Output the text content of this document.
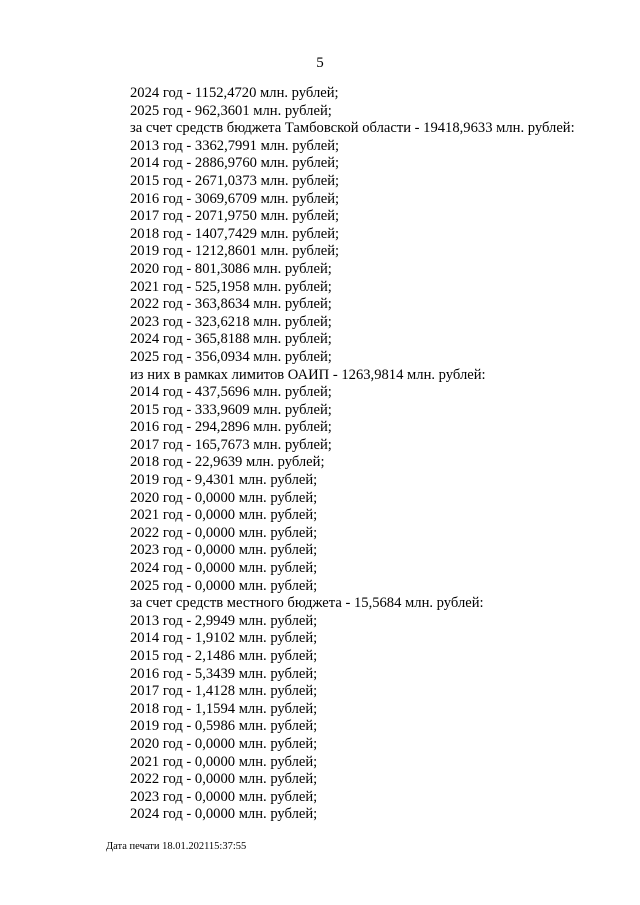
5
2024 год - 1152,4720 млн. рублей;
2025 год - 962,3601 млн. рублей;
за счет средств бюджета Тамбовской области - 19418,9633 млн. рублей:
2013 год - 3362,7991 млн. рублей;
2014 год - 2886,9760 млн. рублей;
2015 год - 2671,0373 млн. рублей;
2016 год - 3069,6709 млн. рублей;
2017 год - 2071,9750 млн. рублей;
2018 год - 1407,7429 млн. рублей;
2019 год - 1212,8601 млн. рублей;
2020 год - 801,3086 млн. рублей;
2021 год - 525,1958 млн. рублей;
2022 год - 363,8634 млн. рублей;
2023 год - 323,6218 млн. рублей;
2024 год - 365,8188 млн. рублей;
2025 год - 356,0934 млн. рублей;
из них в рамках лимитов ОАИП - 1263,9814 млн. рублей:
2014 год - 437,5696 млн. рублей;
2015 год - 333,9609 млн. рублей;
2016 год - 294,2896 млн. рублей;
2017 год - 165,7673 млн. рублей;
2018 год - 22,9639 млн. рублей;
2019 год - 9,4301 млн. рублей;
2020 год - 0,0000 млн. рублей;
2021 год - 0,0000 млн. рублей;
2022 год - 0,0000 млн. рублей;
2023 год - 0,0000 млн. рублей;
2024 год - 0,0000 млн. рублей;
2025 год - 0,0000 млн. рублей;
за счет средств местного бюджета - 15,5684 млн. рублей:
2013 год - 2,9949 млн. рублей;
2014 год - 1,9102 млн. рублей;
2015 год - 2,1486 млн. рублей;
2016 год - 5,3439 млн. рублей;
2017 год - 1,4128 млн. рублей;
2018 год - 1,1594 млн. рублей;
2019 год - 0,5986 млн. рублей;
2020 год - 0,0000 млн. рублей;
2021 год - 0,0000 млн. рублей;
2022 год - 0,0000 млн. рублей;
2023 год - 0,0000 млн. рублей;
2024 год - 0,0000 млн. рублей;
Дата печати 18.01.202115:37:55
